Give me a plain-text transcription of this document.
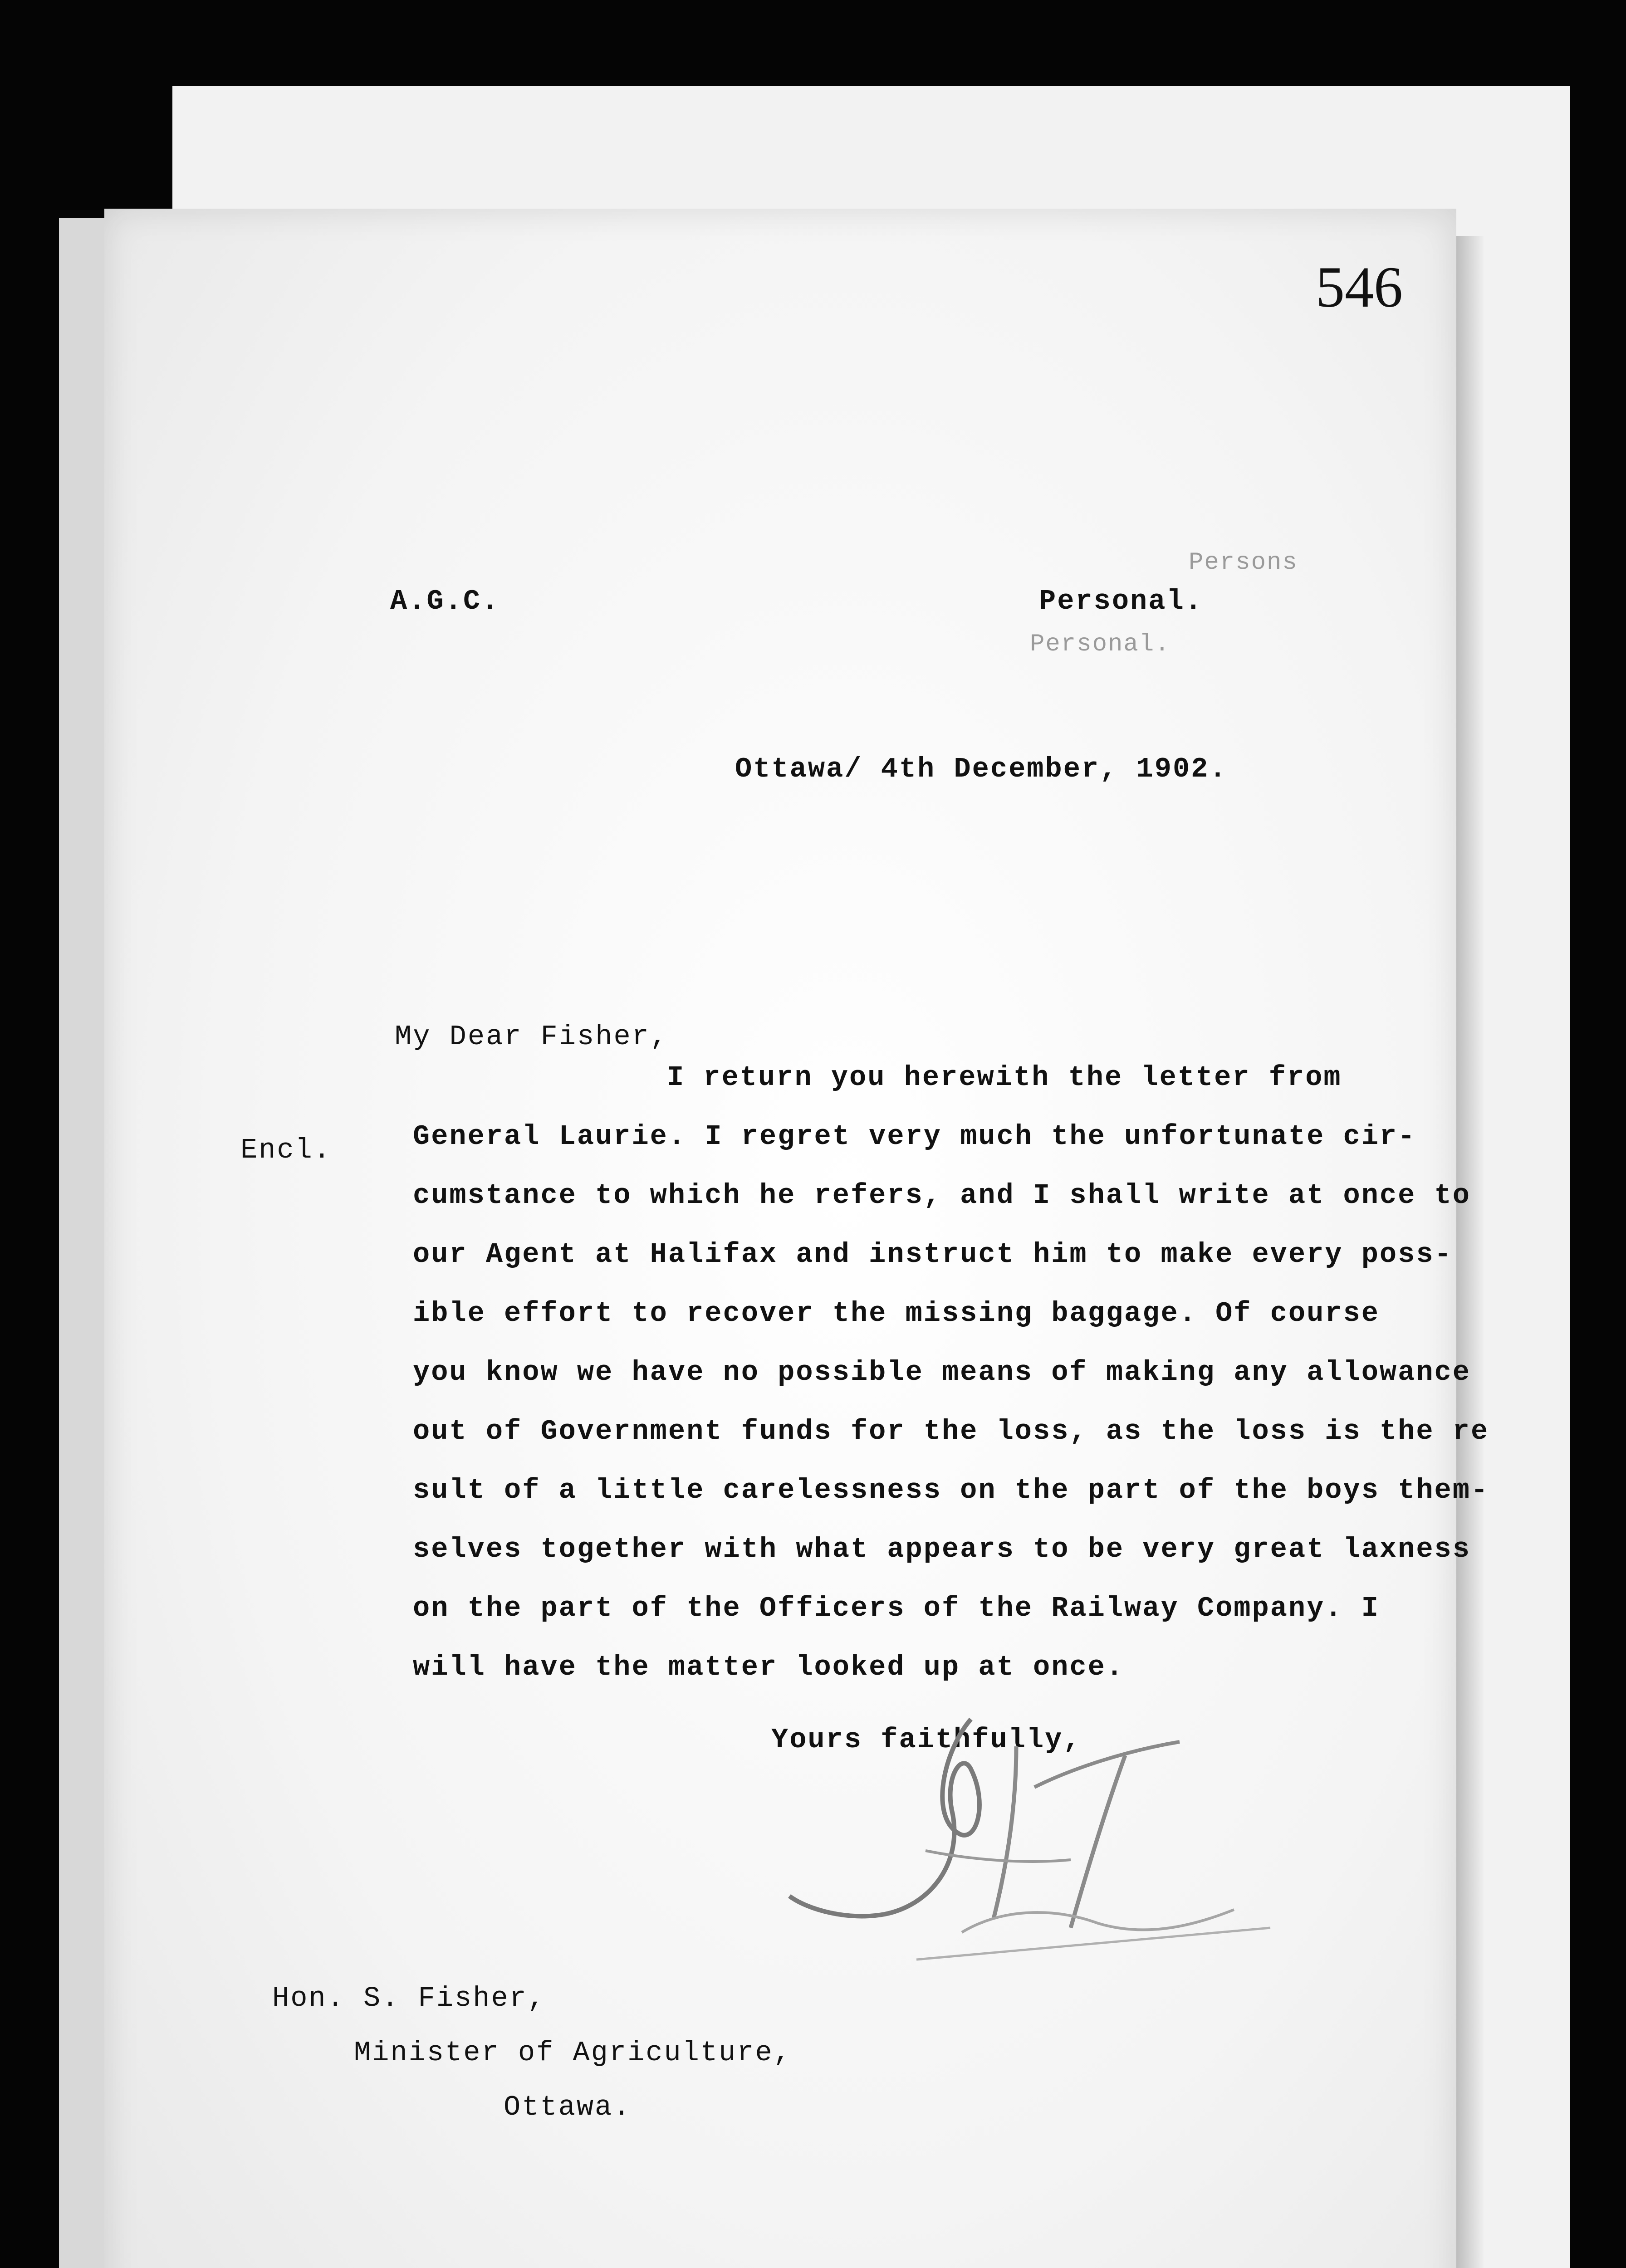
546
Persons
A.G.C.	Personal.
Personal.
Ottawa/ 4th December, 1902.
My Dear Fisher,
Encl.
I return you herewith the letter from
General Laurie. I regret very much the unfortunate cir-
cumstance to which he refers, and I shall write at once to
our Agent at Halifax and instruct him to make every poss-
ible effort to recover the missing baggage. Of course
you know we have no possible means of making any allowance
out of Government funds for the loss, as the loss is the re
sult of a little carelessness on the part of the boys them-
selves together with what appears to be very great laxness
on the part of the Officers of the Railway Company. I
will have the matter looked up at once.
Yours faithfully,
Hon. S. Fisher,
Minister of Agriculture,
Ottawa.
